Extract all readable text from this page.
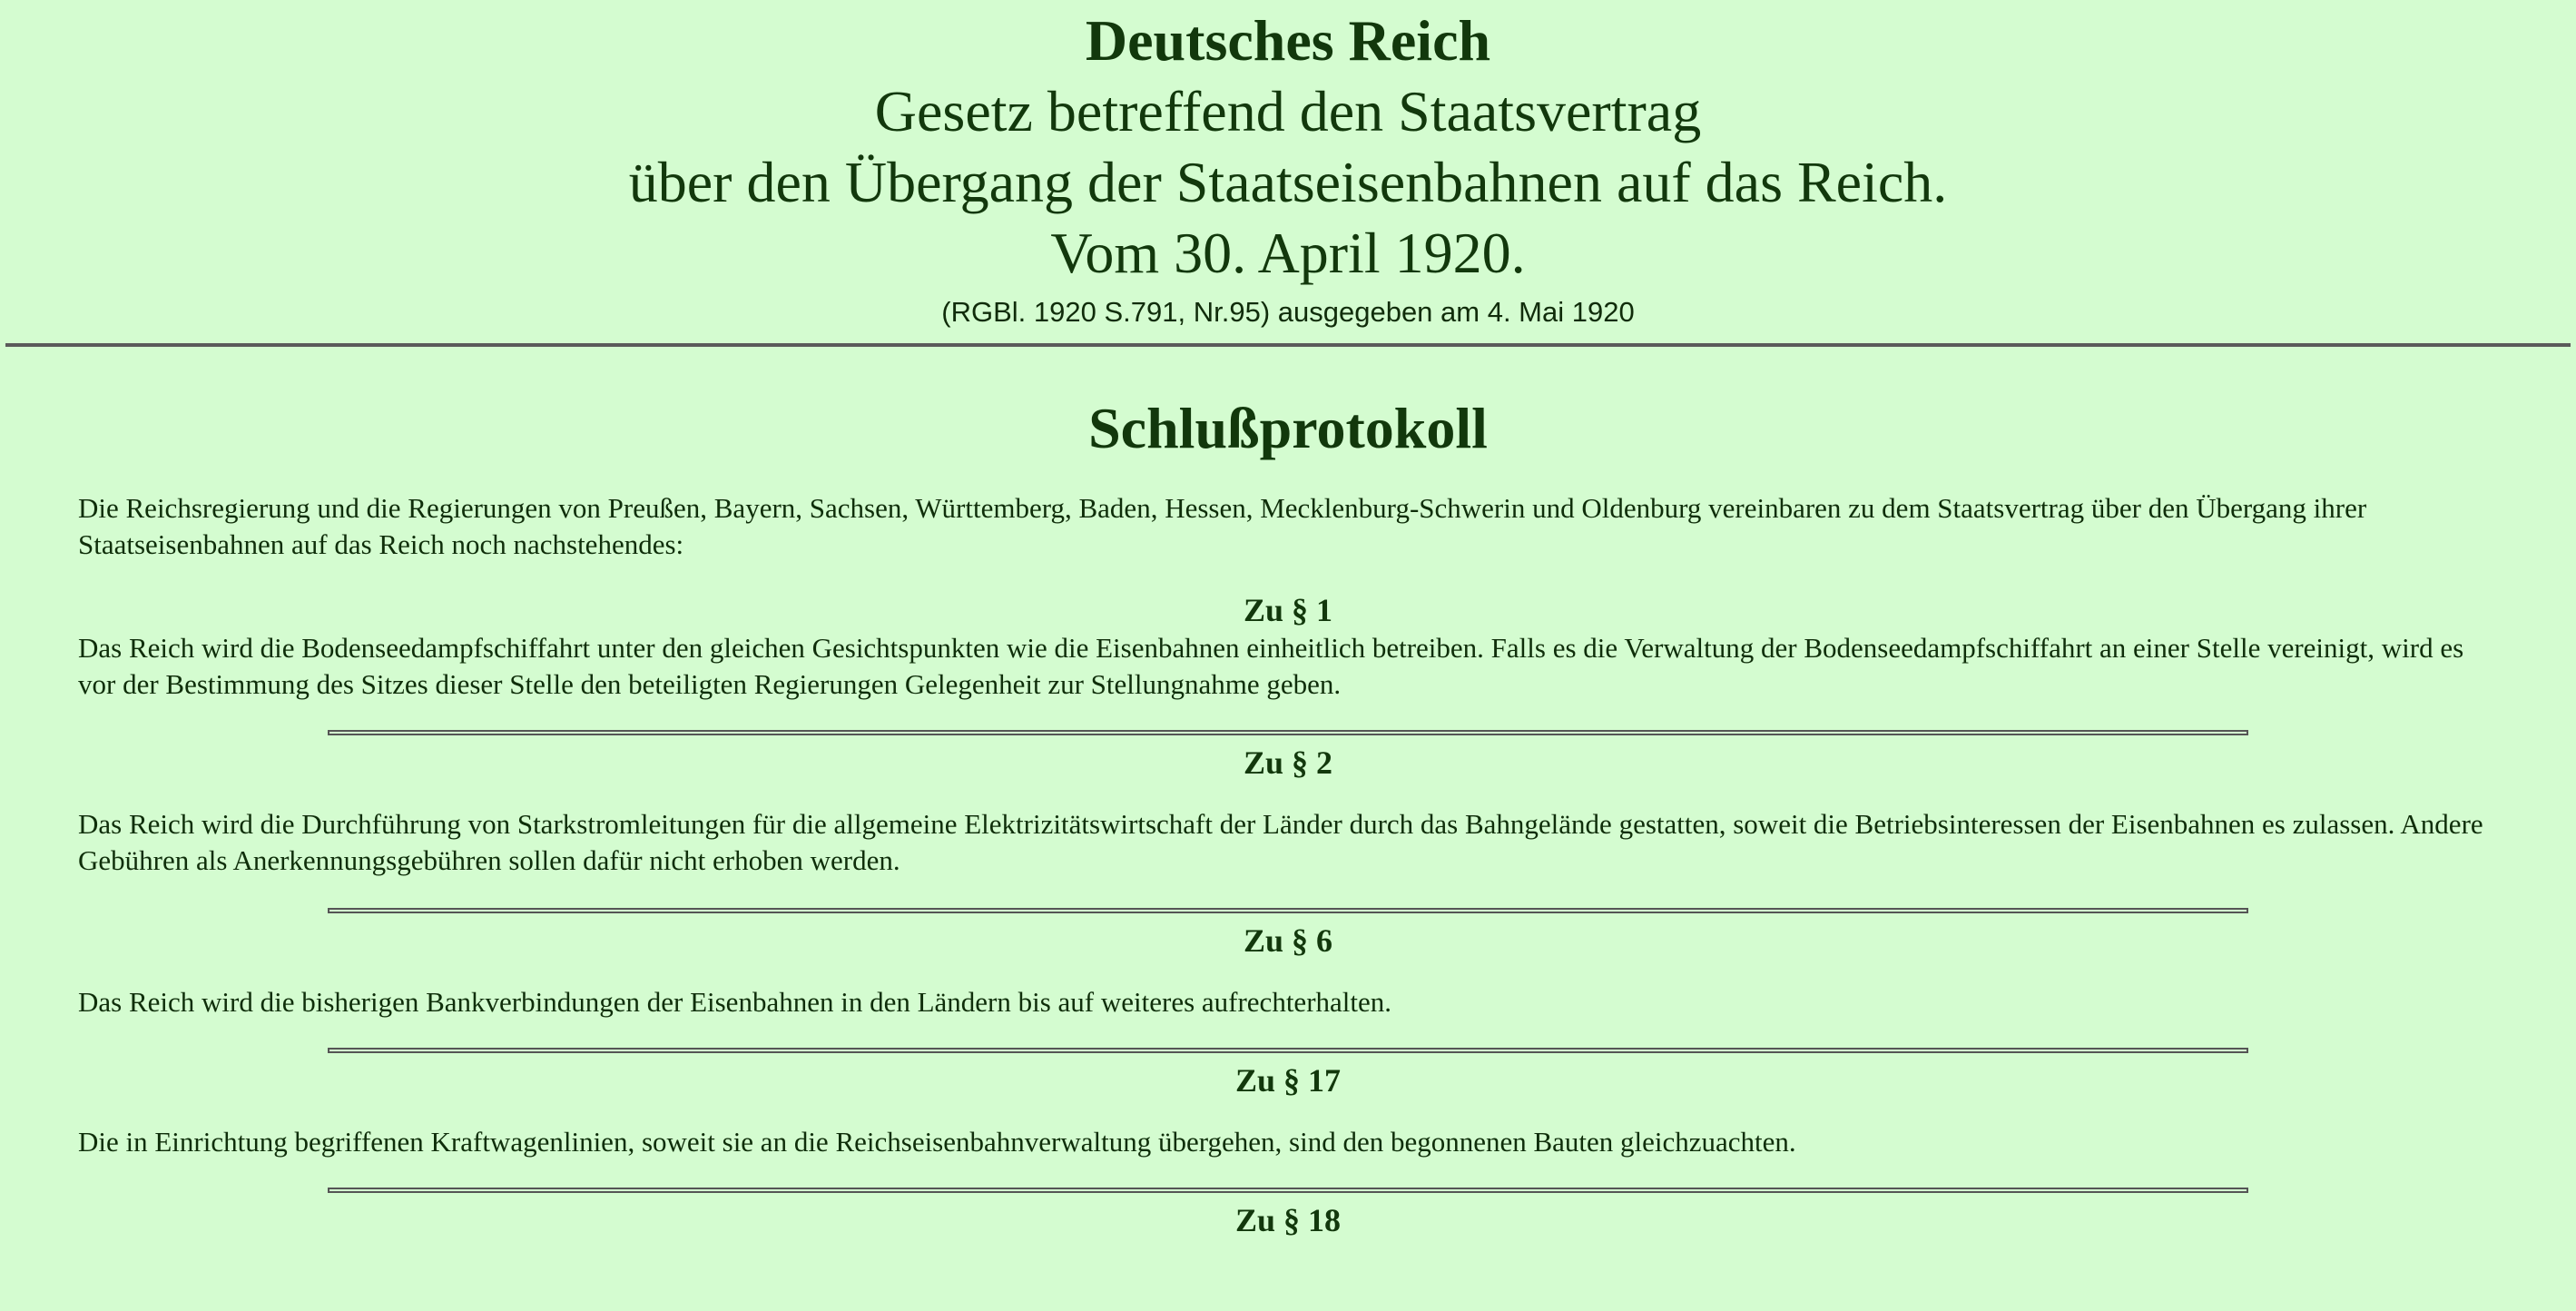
Deutsches Reich
Gesetz betreffend den Staatsvertrag
über den Übergang der Staatseisenbahnen auf das Reich.
Vom 30. April 1920.
(RGBl. 1920 S.791, Nr.95) ausgegeben am 4. Mai 1920
Schlußprotokoll

Die Reichsregierung und die Regierungen von Preußen, Bayern, Sachsen, Württemberg, Baden, Hessen, Mecklenburg-Schwerin und Oldenburg vereinbaren zu dem Staatsvertrag über den Übergang ihrer Staatseisenbahnen auf das Reich noch nachstehendes:

Zu § 1

Das Reich wird die Bodenseedampfschiffahrt unter den gleichen Gesichtspunkten wie die Eisenbahnen einheitlich betreiben. Falls es die Verwaltung der Bodenseedampfschiffahrt an einer Stelle vereinigt, wird es vor der Bestimmung des Sitzes dieser Stelle den beteiligten Regierungen Gelegenheit zur Stellungnahme geben.

Zu § 2

Das Reich wird die Durchführung von Starkstromleitungen für die allgemeine Elektrizitätswirtschaft der Länder durch das Bahngelände gestatten, soweit die Betriebsinteressen der Eisenbahnen es zulassen. Andere Gebühren als Anerkennungsgebühren sollen dafür nicht erhoben werden.

Zu § 6

Das Reich wird die bisherigen Bankverbindungen der Eisenbahnen in den Ländern bis auf weiteres aufrechterhalten.

Zu § 17

Die in Einrichtung begriffenen Kraftwagenlinien, soweit sie an die Reichseisenbahnverwaltung übergehen, sind den begonnenen Bauten gleichzuachten.

Zu § 18
